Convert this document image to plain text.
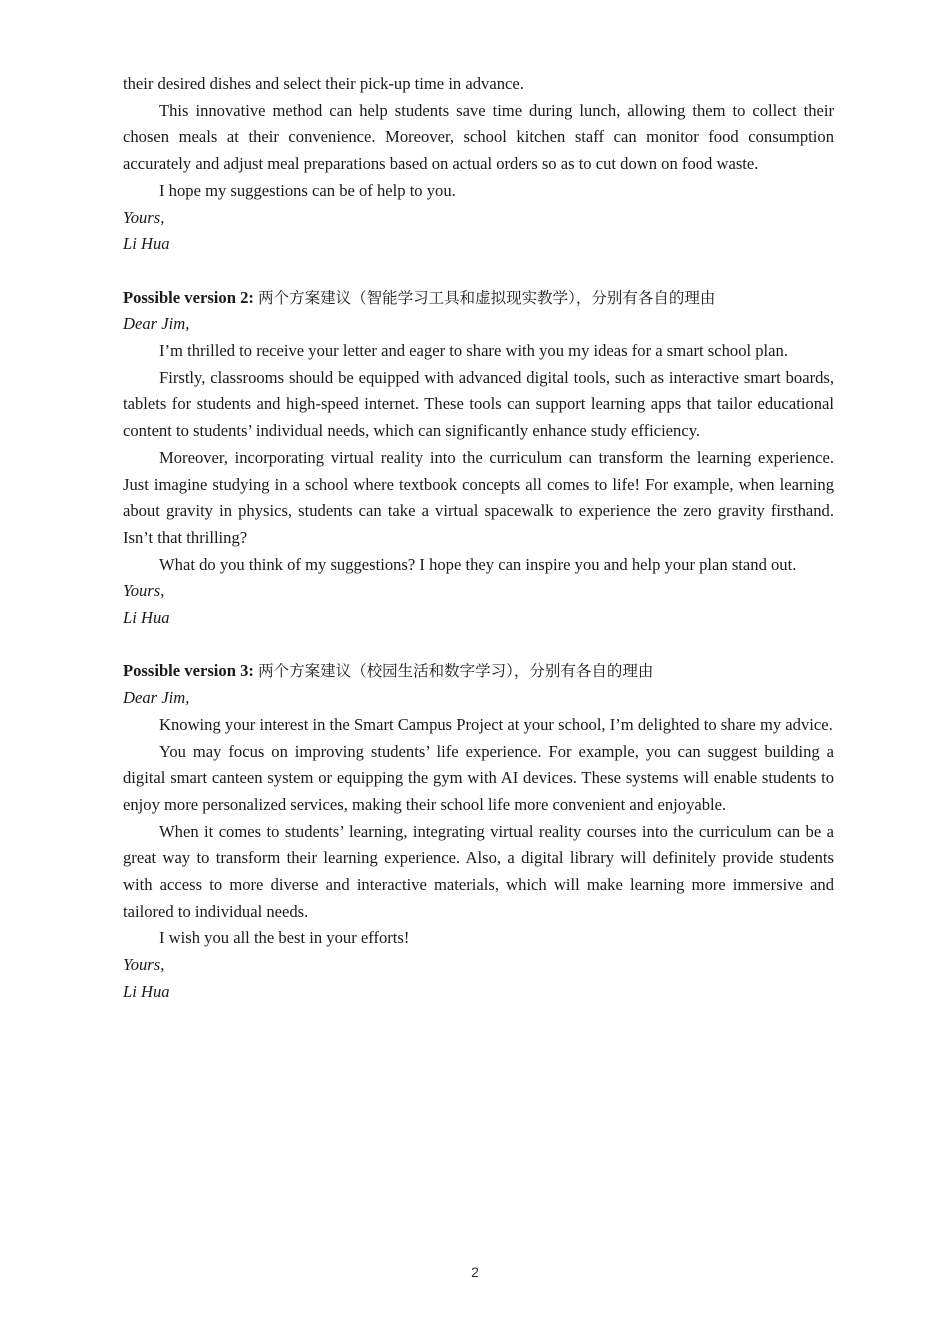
their desired dishes and select their pick-up time in advance.

This innovative method can help students save time during lunch, allowing them to collect their chosen meals at their convenience. Moreover, school kitchen staff can monitor food consumption accurately and adjust meal preparations based on actual orders so as to cut down on food waste.

I hope my suggestions can be of help to you.

Yours,

Li Hua

Possible version 2: 两个方案建议（智能学习工具和虚拟现实教学），分别有各自的理由

Dear Jim,

I’m thrilled to receive your letter and eager to share with you my ideas for a smart school plan.

Firstly, classrooms should be equipped with advanced digital tools, such as interactive smart boards, tablets for students and high-speed internet. These tools can support learning apps that tailor educational content to students’ individual needs, which can significantly enhance study efficiency.

Moreover, incorporating virtual reality into the curriculum can transform the learning experience. Just imagine studying in a school where textbook concepts all comes to life! For example, when learning about gravity in physics, students can take a virtual spacewalk to experience the zero gravity firsthand. Isn’t that thrilling?

What do you think of my suggestions? I hope they can inspire you and help your plan stand out.

Yours,

Li Hua

Possible version 3: 两个方案建议（校园生活和数字学习），分别有各自的理由

Dear Jim,

Knowing your interest in the Smart Campus Project at your school, I’m delighted to share my advice.

You may focus on improving students’ life experience. For example, you can suggest building a digital smart canteen system or equipping the gym with AI devices. These systems will enable students to enjoy more personalized services, making their school life more convenient and enjoyable.

When it comes to students’ learning, integrating virtual reality courses into the curriculum can be a great way to transform their learning experience. Also, a digital library will definitely provide students with access to more diverse and interactive materials, which will make learning more immersive and tailored to individual needs.

I wish you all the best in your efforts!

Yours,

Li Hua

2
